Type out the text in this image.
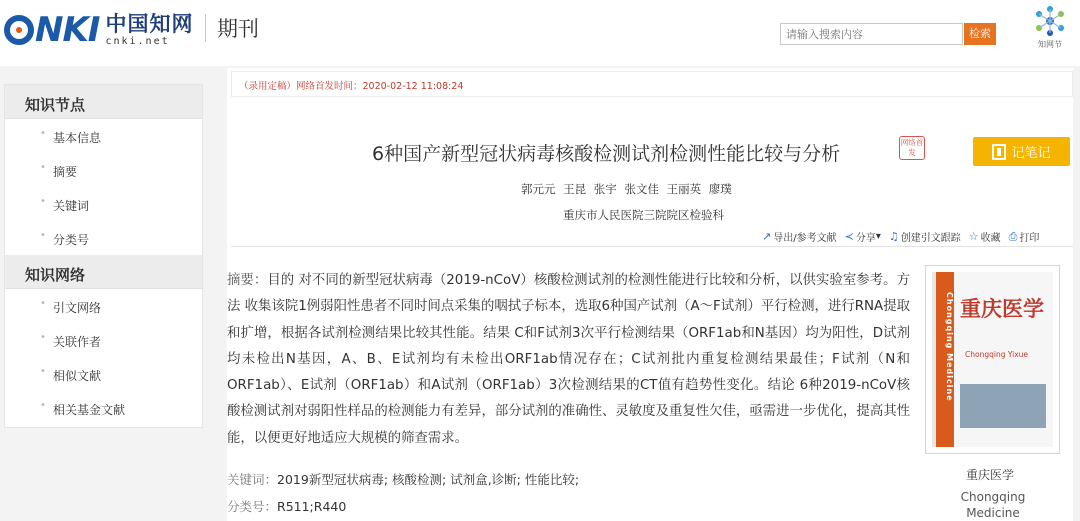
NKI 中国知网
cnki.net
期刊
请输入搜索内容	检索
知网节
知识节点
• 基本信息
• 摘要
• 关键词
• 分类号
知识网络
• 引文网络
• 关联作者
• 相似文献
• 相关基金文献
（录用定稿）网络首发时间：2020-02-12 11:08:24
6种国产新型冠状病毒核酸检测试剂检测性能比较与分析
网络首发	记笔记
郭元元 王昆 张宇 张文佳 王丽英 廖璞
重庆市人民医院三院院区检验科
↗ 导出/参考文献 ≺ 分享 ▾ ♫ 创建引文跟踪 ☆ 收藏 ⎙ 打印
摘要：目的 对不同的新型冠状病毒（2019-nCoV）核酸检测试剂的检测性能进行比较和分析，以供实验室参考。方法 收集该院1例弱阳性患者不同时间点采集的咽拭子标本，选取6种国产试剂（A～F试剂）平行检测，进行RNA提取和扩增，根据各试剂检测结果比较其性能。结果 C和F试剂3次平行检测结果（ORF1ab和N基因）均为阳性，D试剂均未检出N基因，A、B、E试剂均有未检出ORF1ab情况存在；C试剂批内重复检测结果最佳；F试剂（N和ORF1ab）、E试剂（ORF1ab）和A试剂（ORF1ab）3次检测结果的CT值有趋势性变化。结论 6种2019-nCoV核酸检测试剂对弱阳性样品的检测能力有差异，部分试剂的准确性、灵敏度及重复性欠佳，亟需进一步优化，提高其性能，以便更好地适应大规模的筛查需求。
关键词：2019新型冠状病毒; 核酸检测; 试剂盒,诊断; 性能比较;
分类号：R511;R440
Chongqing Medicine 重庆医学
Chongqing Yixue
重庆医学
Chongqing Medicine
